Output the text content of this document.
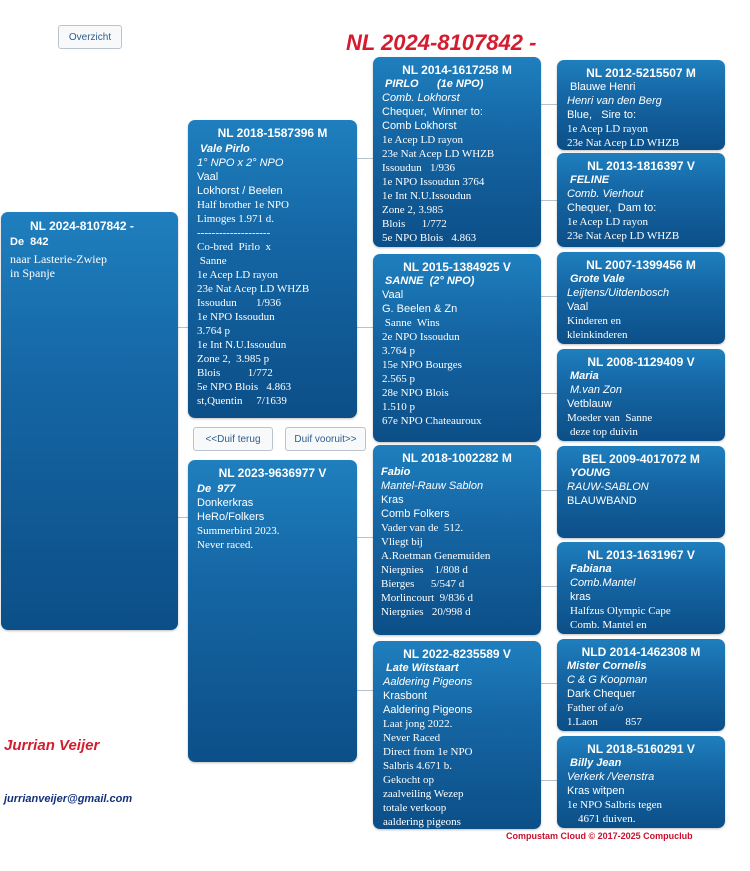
Overzicht
<<Duif terug	Duif vooruit>>
NL 2024-8107842 -
NL 2024-8107842 -
De  842
naar Lasterie-Zwiep
in Spanje
NL 2018-1587396 M
Vale Pirlo
1° NPO x 2° NPO
Vaal
Lokhorst / Beelen
Half brother 1e NPO
Limoges 1.971 d.
--------------------
Co-bred  Pirlo  x
Sanne
1e Acep LD rayon
23e Nat Acep LD WHZB
Issoudun       1/936
1e NPO Issoudun
3.764 p
1e Int N.U.Issoudun
Zone 2,  3.985 p
Blois          1/772
5e NPO Blois   4.863
st,Quentin     7/1639
NL 2023-9636977 V
De  977
Donkerkras
HeRo/Folkers
Summerbird 2023.
Never raced.
NL 2014-1617258 M
PIRLO      (1e NPO)
Comb. Lokhorst
Chequer,  Winner to:
Comb Lokhorst
1e Acep LD rayon
23e Nat Acep LD WHZB
Issoudun   1/936
1e NPO Issoudun 3764
1e Int N.U.Issoudun
Zone 2, 3.985
Blois      1/772
5e NPO Blois   4.863
NL 2015-1384925 V
SANNE  (2° NPO)
Vaal
G. Beelen & Zn
Sanne  Wins
2e NPO Issoudun
3.764 p
15e NPO Bourges
2.565 p
28e NPO Blois
1.510 p
67e NPO Chateauroux
NL 2018-1002282 M
Fabio
Mantel-Rauw Sablon
Kras
Comb Folkers
Vader van de  512.
Vliegt bij
A.Roetman Genemuiden
Niergnies    1/808 d
Bierges      5/547 d
Morlincourt  9/836 d
Niergnies   20/998 d
NL 2022-8235589 V
Late Witstaart
Aaldering Pigeons
Krasbont
Aaldering Pigeons
Laat jong 2022.
Never Raced
Direct from 1e NPO
Salbris 4.671 b.
Gekocht op
zaalveiling Wezep
totale verkoop
aaldering pigeons
NL 2012-5215507 M
Blauwe Henri
Henri van den Berg
Blue,   Sire to:
1e Acep LD rayon
23e Nat Acep LD WHZB
NL 2013-1816397 V
FELINE
Comb. Vierhout
Chequer,  Dam to:
1e Acep LD rayon
23e Nat Acep LD WHZB
NL 2007-1399456 M
Grote Vale
Leijtens/Uitdenbosch
Vaal
Kinderen en
kleinkinderen
NL 2008-1129409 V
Maria
M.van Zon
Vetblauw
Moeder van  Sanne
deze top duivin
BEL 2009-4017072 M
YOUNG
RAUW-SABLON
BLAUWBAND
NL 2013-1631967 V
Fabiana
Comb.Mantel
kras
Halfzus Olympic Cape
Comb. Mantel en
NLD 2014-1462308 M
Mister Cornelis
C & G Koopman
Dark Chequer
Father of a/o
1.Laon          857
NL 2018-5160291 V
Billy Jean
Verkerk /Veenstra
Kras witpen
1e NPO Salbris tegen
4671 duiven.
Jurrian Veijer
jurrianveijer@gmail.com
Compustam Cloud © 2017-2025 Compuclub
